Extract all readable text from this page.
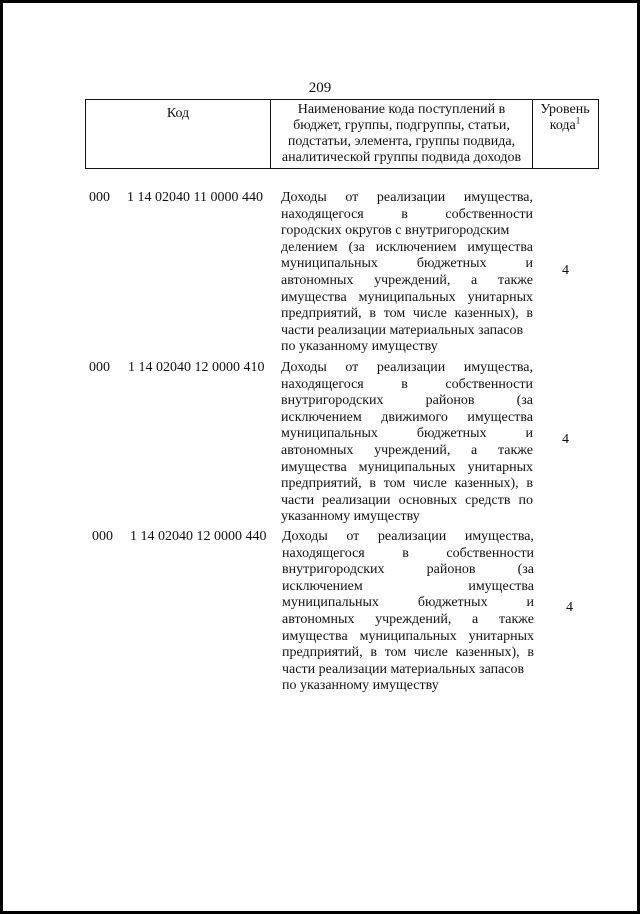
209
Код	Наименование кода поступлений в
бюджет, группы, подгруппы, статьи,
подстатьи, элемента, группы подвида,
аналитической группы подвида доходов
Уровень
кода$^1$
000 1 14 02040 11 0000 440 Доходы от реализации имущества,
находящегося в собственности
городских округов с внутригородским
делением (за исключением имущества
муниципальных бюджетных и
автономных учреждений, а также
имущества муниципальных унитарных
предприятий, в том числе казенных), в
части реализации материальных запасов
по указанному имуществу
4
000 1 14 02040 12 0000 410 Доходы от реализации имущества,
находящегося в собственности
внутригородских районов (за
исключением движимого имущества
муниципальных бюджетных и
автономных учреждений, а также
имущества муниципальных унитарных
предприятий, в том числе казенных), в
части реализации основных средств по
указанному имуществу
4
000 1 14 02040 12 0000 440 Доходы от реализации имущества,
находящегося в собственности
внутригородских районов (за
исключением имущества
муниципальных бюджетных и
автономных учреждений, а также
имущества муниципальных унитарных
предприятий, в том числе казенных), в
части реализации материальных запасов
по указанному имуществу
4
